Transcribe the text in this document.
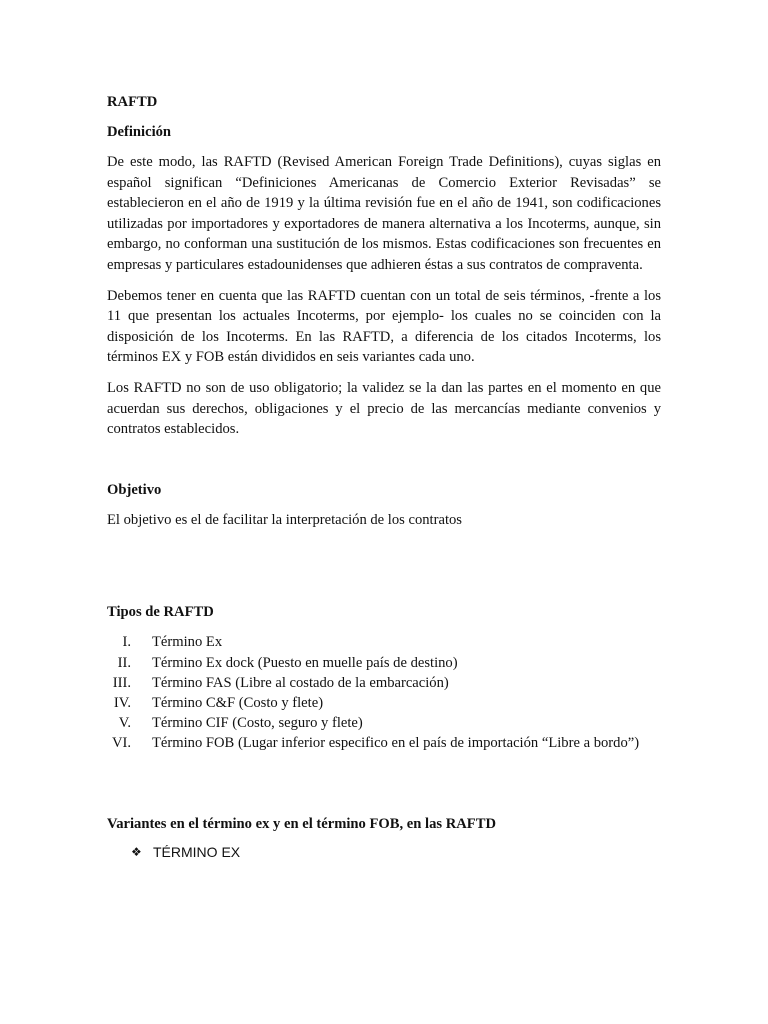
RAFTD
Definición

De este modo, las RAFTD (Revised American Foreign Trade Definitions), cuyas siglas en español significan “Definiciones Americanas de Comercio Exterior Revisadas” se establecieron en el año de 1919 y la última revisión fue en el año de 1941, son codificaciones utilizadas por importadores y exportadores de manera alternativa a los Incoterms, aunque, sin embargo, no conforman una sustitución de los mismos. Estas codificaciones son frecuentes en empresas y particulares estadounidenses que adhieren éstas a sus contratos de compraventa.

Debemos tener en cuenta que las RAFTD cuentan con un total de seis términos, -frente a los 11 que presentan los actuales Incoterms, por ejemplo- los cuales no se coinciden con la disposición de los Incoterms. En las RAFTD, a diferencia de los citados Incoterms, los términos EX y FOB están divididos en seis variantes cada uno.

Los RAFTD no son de uso obligatorio; la validez se la dan las partes en el momento en que acuerdan sus derechos, obligaciones y el precio de las mercancías mediante convenios y contratos establecidos.

Objetivo

El objetivo es el de facilitar la interpretación de los contratos

Tipos de RAFTD
I. Término Ex
II. Término Ex dock (Puesto en muelle país de destino)
III. Término FAS (Libre al costado de la embarcación)
IV. Término C&F (Costo y flete)
V. Término CIF (Costo, seguro y flete)
VI. Término FOB (Lugar inferior especifico en el país de importación “Libre a bordo”)
Variantes en el término ex y en el término FOB, en las RAFTD
❖ TÉRMINO EX
